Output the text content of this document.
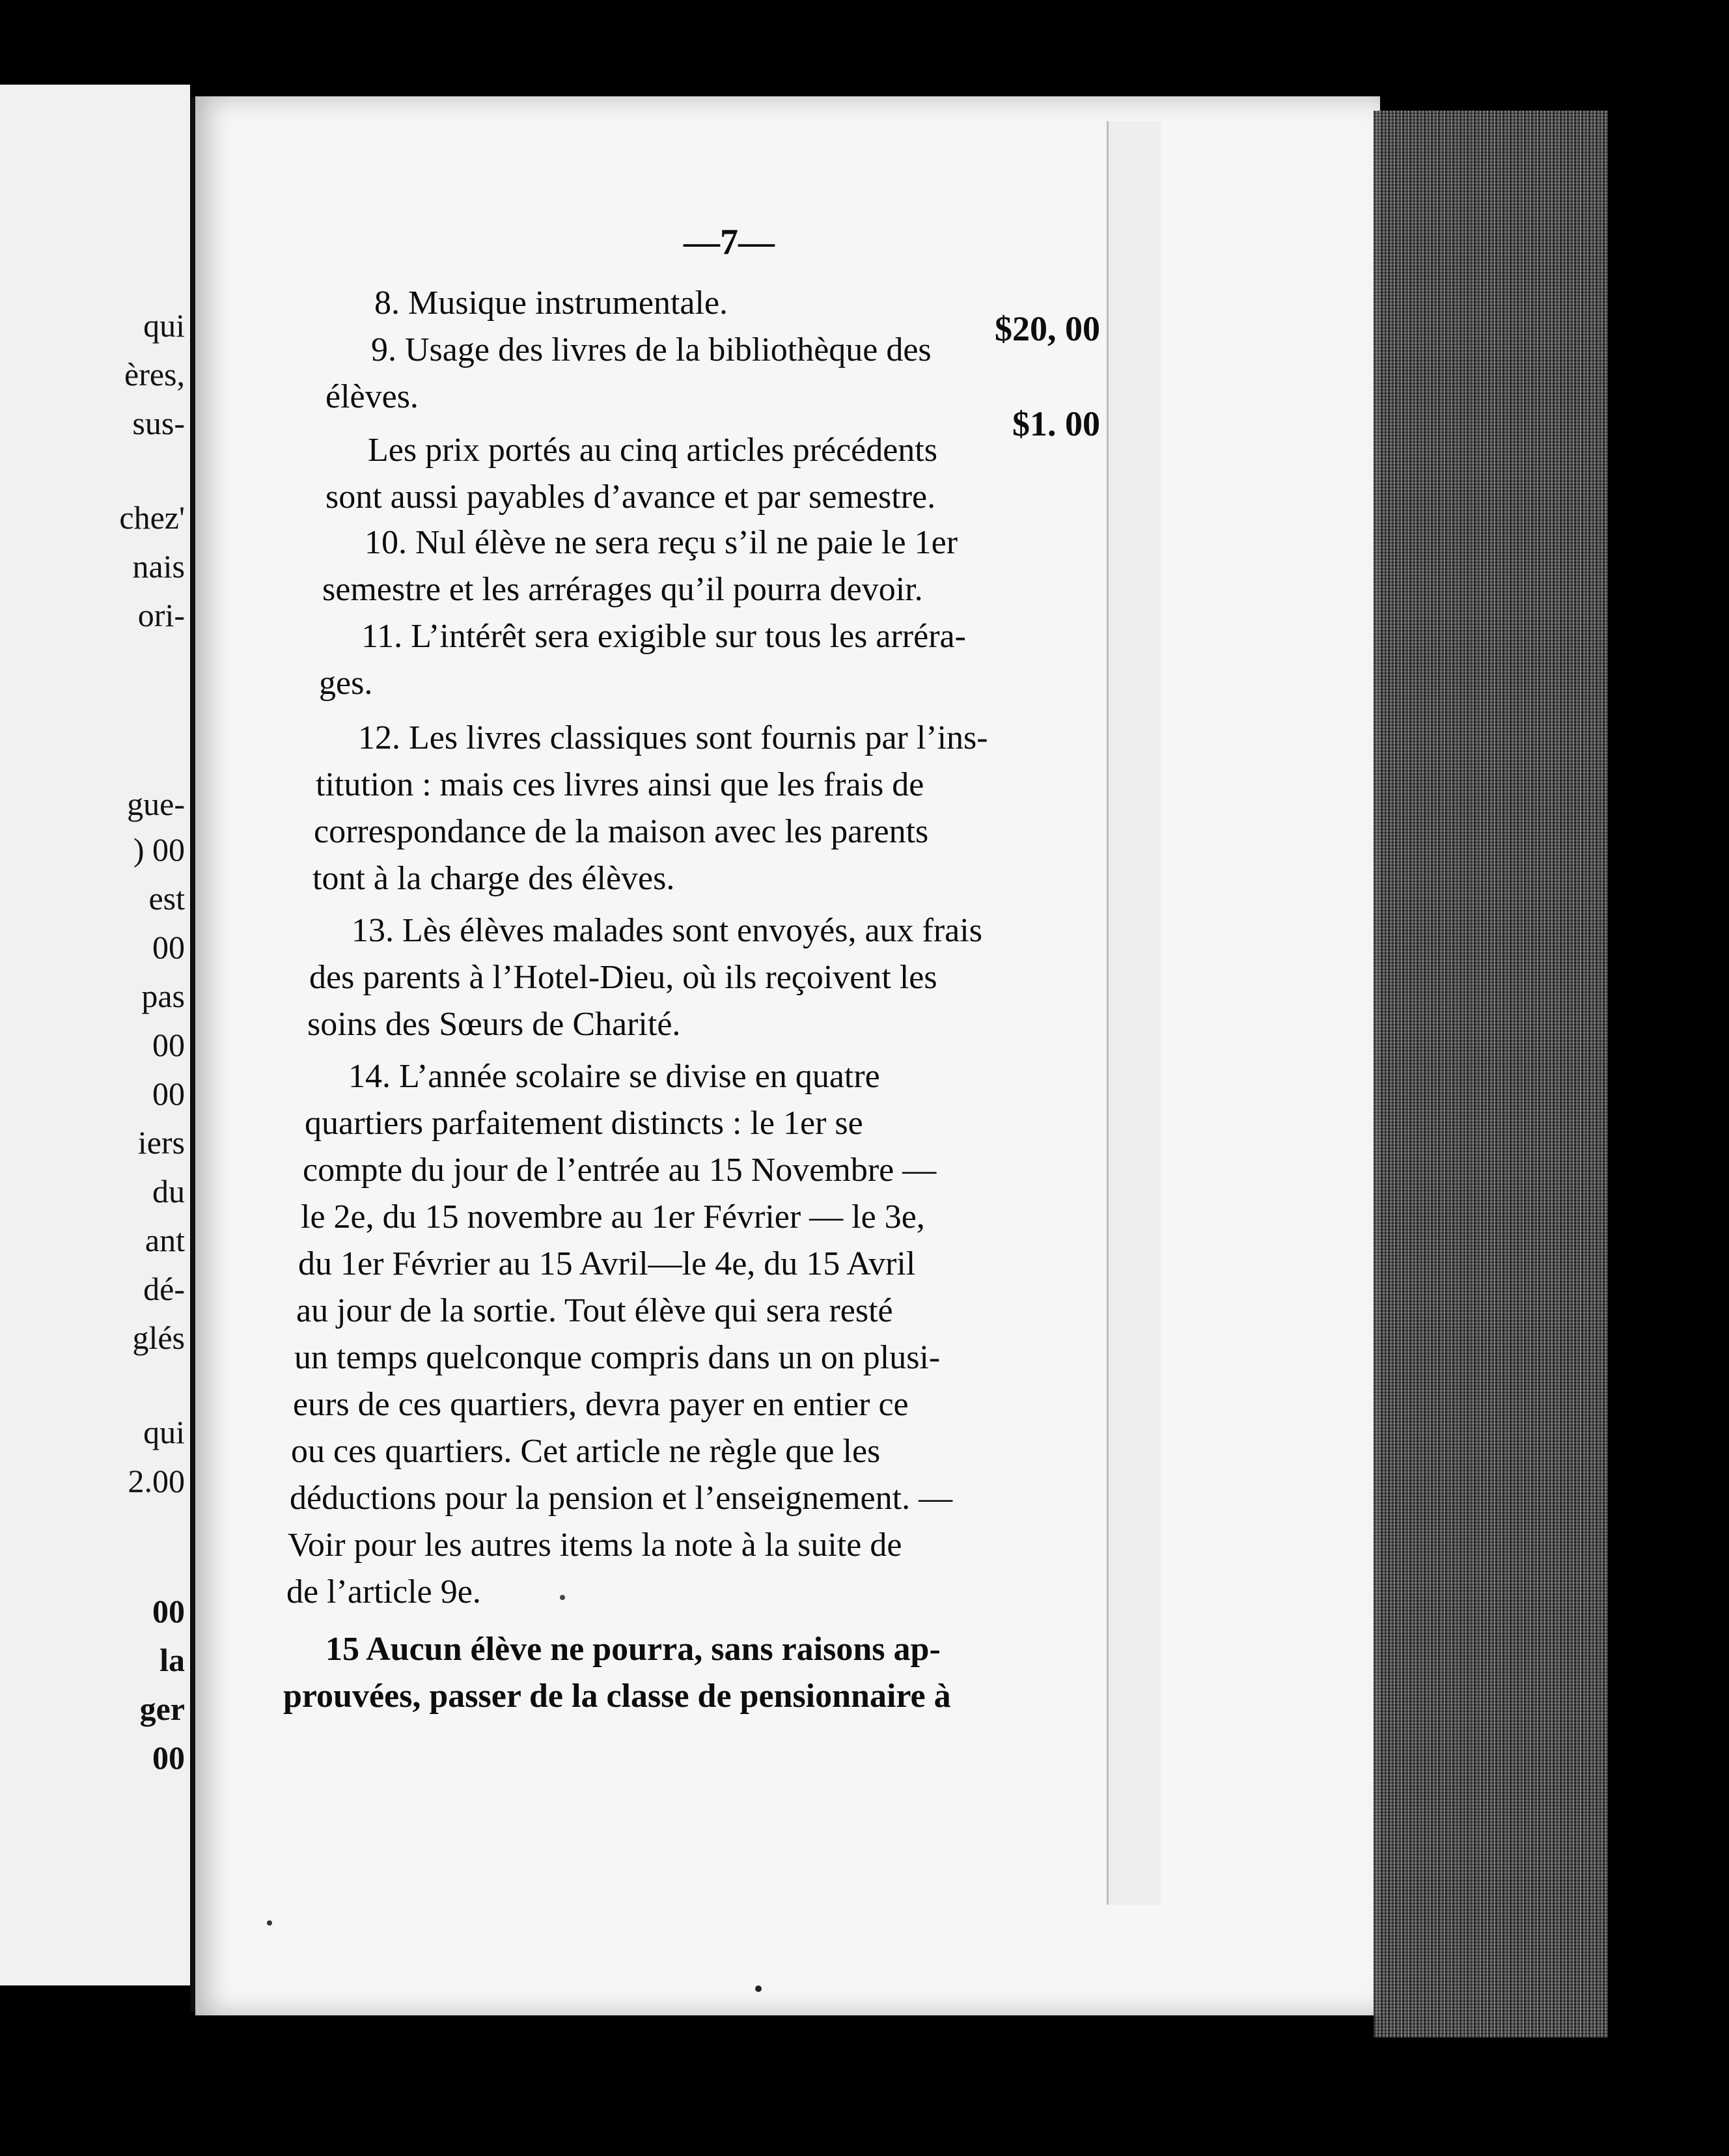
qui
ères,
sus-
chez'
nais
ori-
gue-
) 00
est
00
pas
00
00
iers
du
ant
dé-
glés
qui
2.00
00
la
ger
00
—7—
8. Musique instrumentale.
$20, 00
9. Usage des livres de la bibliothèque des
élèves.
$1. 00
Les prix portés au cinq articles précédents
sont aussi payables d’avance et par semestre.
10. Nul élève ne sera reçu s’il ne paie le 1er
semestre et les arrérages qu’il pourra devoir.
11. L’intérêt sera exigible sur tous les arréra-
ges.
12. Les livres classiques sont fournis par l’ins-
titution : mais ces livres ainsi que les frais de
correspondance de la maison avec les parents
tont à la charge des élèves.
13. Lès élèves malades sont envoyés, aux frais
des parents à l’Hotel-Dieu, où ils reçoivent les
soins des Sœurs de Charité.
14. L’année scolaire se divise en quatre
quartiers parfaitement distincts : le 1er se
compte du jour de l’entrée au 15 Novembre —
le 2e, du 15 novembre au 1er Février — le 3e,
du 1er Février au 15 Avril—le 4e, du 15 Avril
au jour de la sortie. Tout élève qui sera resté
un temps quelconque compris dans un on plusi-
eurs de ces quartiers, devra payer en entier ce
ou ces quartiers. Cet article ne règle que les
déductions pour la pension et l’enseignement. —
Voir pour les autres items la note à la suite de
de l’article 9e.
15 Aucun élève ne pourra, sans raisons ap-
prouvées, passer de la classe de pensionnaire à
